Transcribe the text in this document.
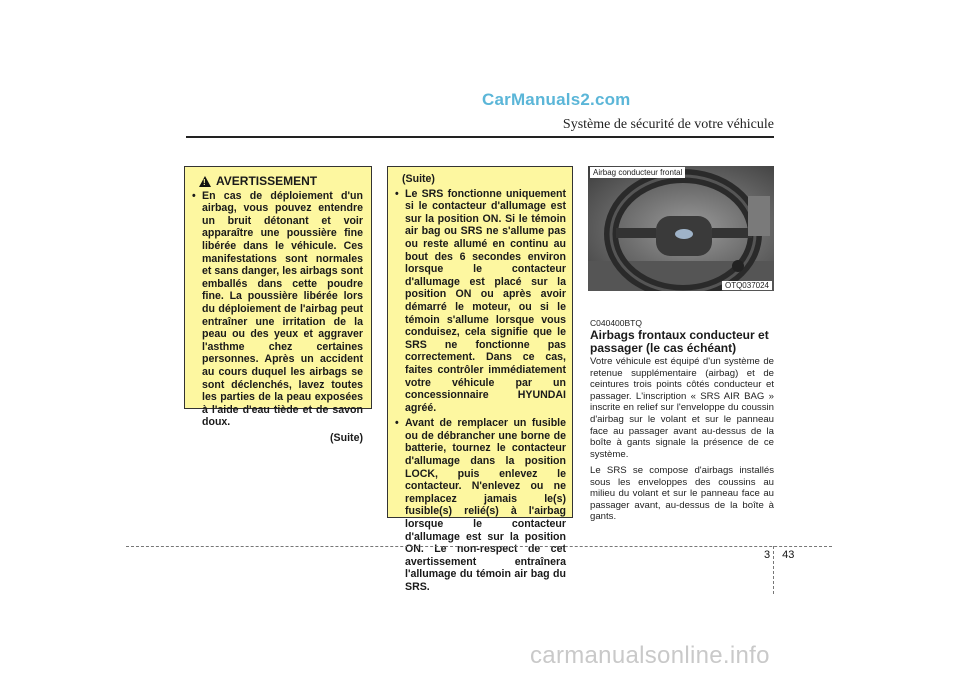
CarManuals2.com
Système de sécurité de votre véhicule
!
AVERTISSEMENT
• En cas de déploiement d'un airbag, vous pouvez entendre un bruit détonant et voir apparaître une poussière fine libérée dans le véhicule. Ces manifestations sont normales et sans danger, les airbags sont emballés dans cette poudre fine. La poussière libérée lors du déploiement de l'airbag peut entraîner une irritation de la peau ou des yeux et aggraver l'asthme chez certaines personnes. Après un accident au cours duquel les airbags se sont déclenchés, lavez toutes les parties de la peau exposées à l'aide d'eau tiède et de savon doux.
(Suite)
(Suite)
• Le SRS fonctionne uniquement si le contacteur d'allumage est sur la position ON. Si le témoin air bag ou SRS ne s'allume pas ou reste allumé en continu au bout des 6 secondes environ lorsque le contacteur d'allumage est placé sur la position ON ou après avoir démarré le moteur, ou si le témoin s'allume lorsque vous conduisez, cela signifie que le SRS ne fonctionne pas correctement. Dans ce cas, faites contrôler immédiatement votre véhicule par un concessionnaire HYUNDAI agréé.
• Avant de remplacer un fusible ou de débrancher une borne de batterie, tournez le contacteur d'allumage dans la position LOCK, puis enlevez le contacteur. N'enlevez ou ne remplacez jamais le(s) fusible(s) relié(s) à l'airbag lorsque le contacteur d'allumage est sur la position ON. Le non-respect de cet avertissement entraînera l'allumage du témoin air bag du SRS.
Airbag conducteur frontal
OTQ037024
C040400BTQ
Airbags frontaux conducteur et passager (le cas échéant)
Votre véhicule est équipé d'un système de retenue supplémentaire (airbag) et de ceintures trois points côtés conducteur et passager. L'inscription « SRS AIR BAG » inscrite en relief sur l'enveloppe du coussin d'airbag sur le volant et sur le panneau face au passager avant au-dessus de la boîte à gants signale la présence de ce système.
Le SRS se compose d'airbags installés sous les enveloppes des coussins au milieu du volant et sur le panneau face au passager avant, au-dessus de la boîte à gants.
3 43
carmanualsonline.info
